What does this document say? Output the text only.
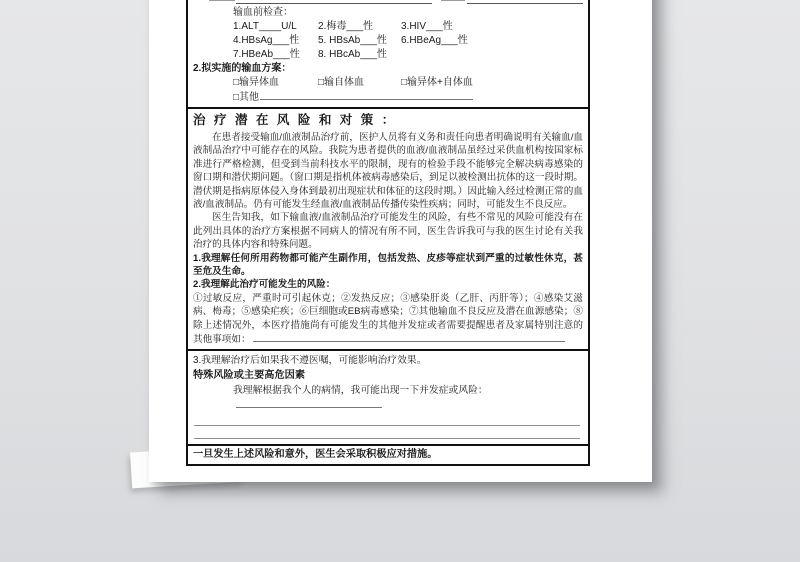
输血前检查：
1.ALT____U/L	2.梅毒___性	3.HIV___性
4.HBsAg___性	5. HBsAb___性	6.HBeAg___性
7.HBeAb___性	8. HBcAb___性
2.拟实施的输血方案：
□输异体血	□输自体血	□输异体+自体血
□其他
治 疗 潜 在 风 险 和 对 策 ：

在患者接受输血/血液制品治疗前，医护人员将有义务和责任向患者明确说明有关输血/血液制品治疗中可能存在的风险。我院为患者提供的血液/血液制品虽经过采供血机构按国家标准进行严格检测，但受到当前科技水平的限制，现有的检验手段不能够完全解决病毒感染的窗口期和潜伏期问题。（窗口期是指机体被病毒感染后，到足以被检测出抗体的这一段时期。潜伏期是指病原体侵入身体到最初出现症状和体征的这段时期。）因此输入经过检测正常的血液/血液制品。仍有可能发生经血液/血液制品传播传染性疾病；同时，可能发生不良反应。

医生告知我，如下输血液/血液制品治疗可能发生的风险，有些不常见的风险可能没有在此列出具体的治疗方案根据不同病人的情况有所不同，医生告诉我可与我的医生讨论有关我治疗的具体内容和特殊问题。

1.我理解任何所用药物都可能产生副作用，包括发热、皮疹等症状到严重的过敏性休克，甚至危及生命。

2.我理解此治疗可能发生的风险：

①过敏反应，严重时可引起休克；②发热反应；③感染肝炎（乙肝、丙肝等）；④感染艾滋病、梅毒；⑤感染疟疾；⑥巨细胞或EB病毒感染；⑦其他输血不良反应及潜在血源感染；⑧除上述情况外，本医疗措施尚有可能发生的其他并发症或者需要提醒患者及家属特别注意的其他事项如：

3.我理解治疗后如果我不遵医嘱，可能影响治疗效果。
特殊风险或主要高危因素
我理解根据我个人的病情，我可能出现一下并发症或风险：
一旦发生上述风险和意外，医生会采取积极应对措施。
